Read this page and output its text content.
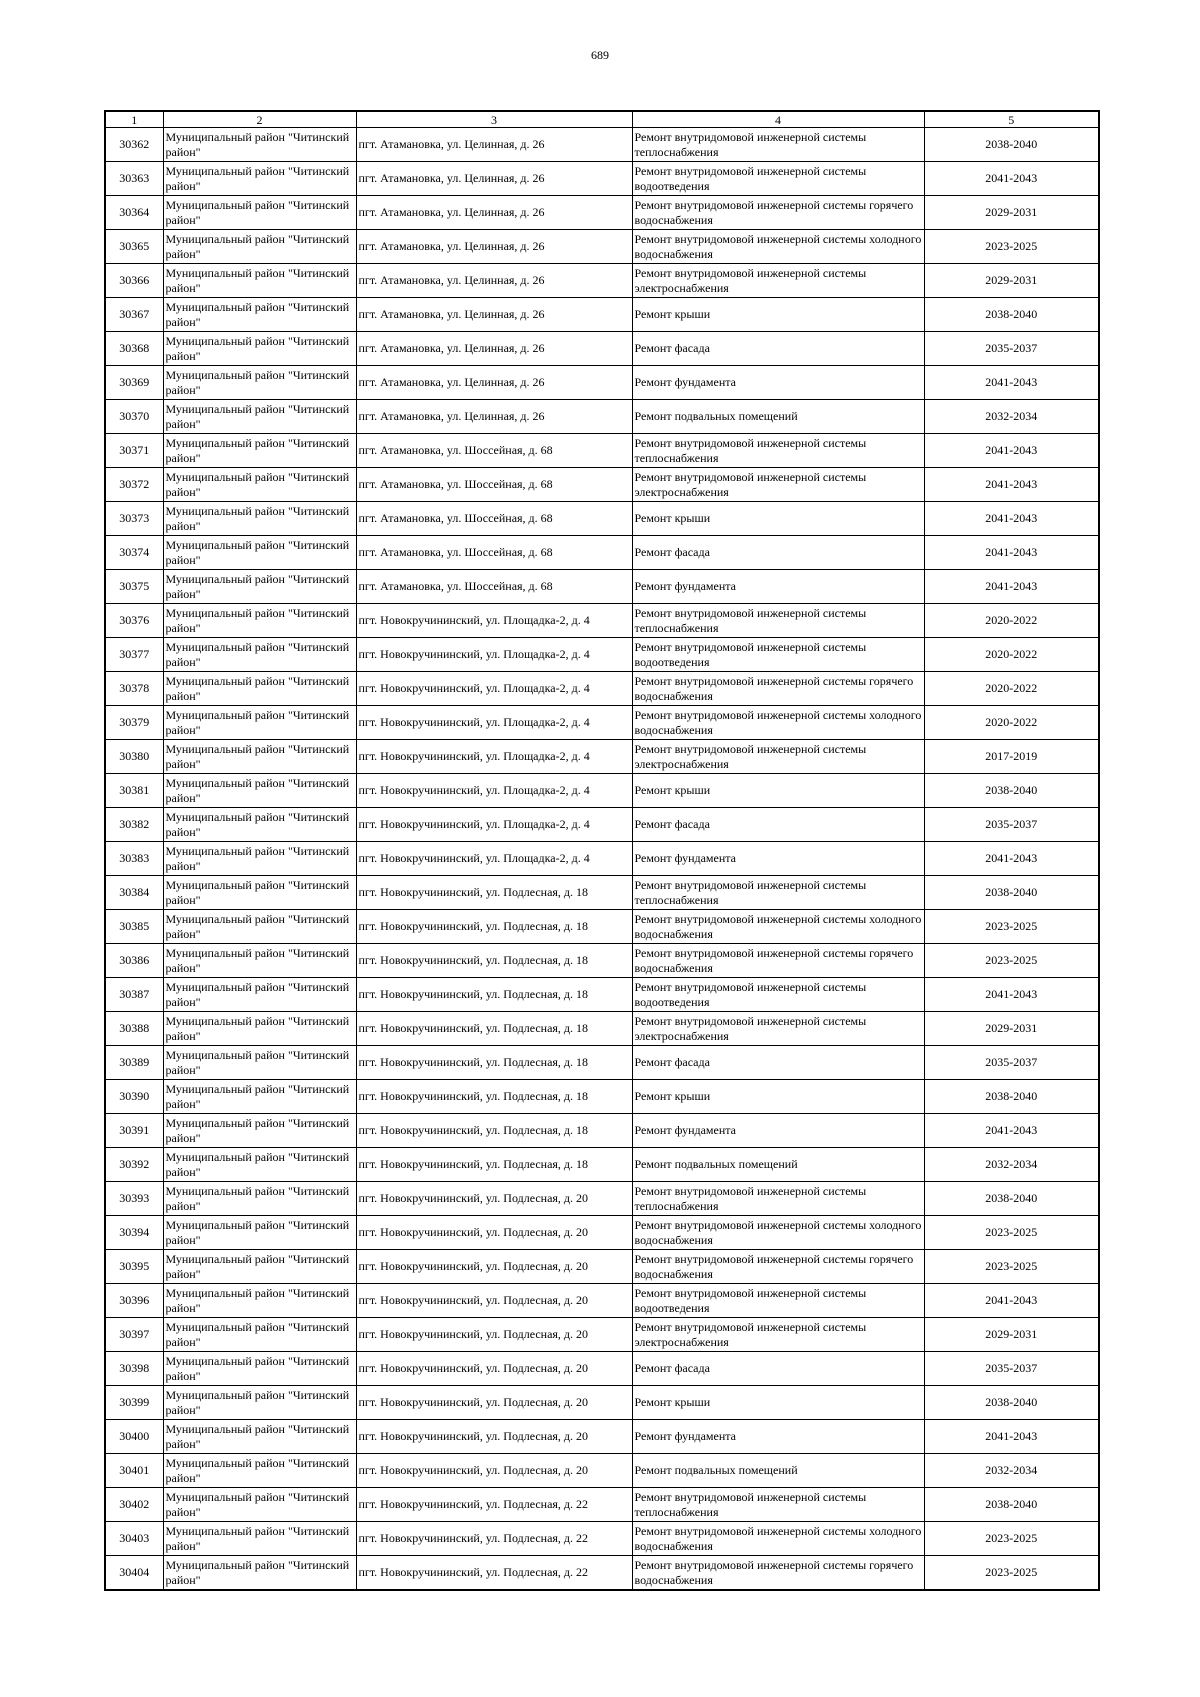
689
1	2	3	4	5
30362	Муниципальный район "Читинский район"	пгт. Атамановка, ул. Целинная, д. 26	Ремонт внутридомовой инженерной системы теплоснабжения	2038-2040
30363	Муниципальный район "Читинский район"	пгт. Атамановка, ул. Целинная, д. 26	Ремонт внутридомовой инженерной системы водоотведения	2041-2043
30364	Муниципальный район "Читинский район"	пгт. Атамановка, ул. Целинная, д. 26	Ремонт внутридомовой инженерной системы горячего водоснабжения	2029-2031
30365	Муниципальный район "Читинский район"	пгт. Атамановка, ул. Целинная, д. 26	Ремонт внутридомовой инженерной системы холодного водоснабжения	2023-2025
30366	Муниципальный район "Читинский район"	пгт. Атамановка, ул. Целинная, д. 26	Ремонт внутридомовой инженерной системы электроснабжения	2029-2031
30367	Муниципальный район "Читинский район"	пгт. Атамановка, ул. Целинная, д. 26	Ремонт крыши	2038-2040
30368	Муниципальный район "Читинский район"	пгт. Атамановка, ул. Целинная, д. 26	Ремонт фасада	2035-2037
30369	Муниципальный район "Читинский район"	пгт. Атамановка, ул. Целинная, д. 26	Ремонт фундамента	2041-2043
30370	Муниципальный район "Читинский район"	пгт. Атамановка, ул. Целинная, д. 26	Ремонт подвальных помещений	2032-2034
30371	Муниципальный район "Читинский район"	пгт. Атамановка, ул. Шоссейная, д. 68	Ремонт внутридомовой инженерной системы теплоснабжения	2041-2043
30372	Муниципальный район "Читинский район"	пгт. Атамановка, ул. Шоссейная, д. 68	Ремонт внутридомовой инженерной системы электроснабжения	2041-2043
30373	Муниципальный район "Читинский район"	пгт. Атамановка, ул. Шоссейная, д. 68	Ремонт крыши	2041-2043
30374	Муниципальный район "Читинский район"	пгт. Атамановка, ул. Шоссейная, д. 68	Ремонт фасада	2041-2043
30375	Муниципальный район "Читинский район"	пгт. Атамановка, ул. Шоссейная, д. 68	Ремонт фундамента	2041-2043
30376	Муниципальный район "Читинский район"	пгт. Новокручининский, ул. Площадка-2, д. 4	Ремонт внутридомовой инженерной системы теплоснабжения	2020-2022
30377	Муниципальный район "Читинский район"	пгт. Новокручининский, ул. Площадка-2, д. 4	Ремонт внутридомовой инженерной системы водоотведения	2020-2022
30378	Муниципальный район "Читинский район"	пгт. Новокручининский, ул. Площадка-2, д. 4	Ремонт внутридомовой инженерной системы горячего водоснабжения	2020-2022
30379	Муниципальный район "Читинский район"	пгт. Новокручининский, ул. Площадка-2, д. 4	Ремонт внутридомовой инженерной системы холодного водоснабжения	2020-2022
30380	Муниципальный район "Читинский район"	пгт. Новокручининский, ул. Площадка-2, д. 4	Ремонт внутридомовой инженерной системы электроснабжения	2017-2019
30381	Муниципальный район "Читинский район"	пгт. Новокручининский, ул. Площадка-2, д. 4	Ремонт крыши	2038-2040
30382	Муниципальный район "Читинский район"	пгт. Новокручининский, ул. Площадка-2, д. 4	Ремонт фасада	2035-2037
30383	Муниципальный район "Читинский район"	пгт. Новокручининский, ул. Площадка-2, д. 4	Ремонт фундамента	2041-2043
30384	Муниципальный район "Читинский район"	пгт. Новокручининский, ул. Подлесная, д. 18	Ремонт внутридомовой инженерной системы теплоснабжения	2038-2040
30385	Муниципальный район "Читинский район"	пгт. Новокручининский, ул. Подлесная, д. 18	Ремонт внутридомовой инженерной системы холодного водоснабжения	2023-2025
30386	Муниципальный район "Читинский район"	пгт. Новокручининский, ул. Подлесная, д. 18	Ремонт внутридомовой инженерной системы горячего водоснабжения	2023-2025
30387	Муниципальный район "Читинский район"	пгт. Новокручининский, ул. Подлесная, д. 18	Ремонт внутридомовой инженерной системы водоотведения	2041-2043
30388	Муниципальный район "Читинский район"	пгт. Новокручининский, ул. Подлесная, д. 18	Ремонт внутридомовой инженерной системы электроснабжения	2029-2031
30389	Муниципальный район "Читинский район"	пгт. Новокручининский, ул. Подлесная, д. 18	Ремонт фасада	2035-2037
30390	Муниципальный район "Читинский район"	пгт. Новокручининский, ул. Подлесная, д. 18	Ремонт крыши	2038-2040
30391	Муниципальный район "Читинский район"	пгт. Новокручининский, ул. Подлесная, д. 18	Ремонт фундамента	2041-2043
30392	Муниципальный район "Читинский район"	пгт. Новокручининский, ул. Подлесная, д. 18	Ремонт подвальных помещений	2032-2034
30393	Муниципальный район "Читинский район"	пгт. Новокручининский, ул. Подлесная, д. 20	Ремонт внутридомовой инженерной системы теплоснабжения	2038-2040
30394	Муниципальный район "Читинский район"	пгт. Новокручининский, ул. Подлесная, д. 20	Ремонт внутридомовой инженерной системы холодного водоснабжения	2023-2025
30395	Муниципальный район "Читинский район"	пгт. Новокручининский, ул. Подлесная, д. 20	Ремонт внутридомовой инженерной системы горячего водоснабжения	2023-2025
30396	Муниципальный район "Читинский район"	пгт. Новокручининский, ул. Подлесная, д. 20	Ремонт внутридомовой инженерной системы водоотведения	2041-2043
30397	Муниципальный район "Читинский район"	пгт. Новокручининский, ул. Подлесная, д. 20	Ремонт внутридомовой инженерной системы электроснабжения	2029-2031
30398	Муниципальный район "Читинский район"	пгт. Новокручининский, ул. Подлесная, д. 20	Ремонт фасада	2035-2037
30399	Муниципальный район "Читинский район"	пгт. Новокручининский, ул. Подлесная, д. 20	Ремонт крыши	2038-2040
30400	Муниципальный район "Читинский район"	пгт. Новокручининский, ул. Подлесная, д. 20	Ремонт фундамента	2041-2043
30401	Муниципальный район "Читинский район"	пгт. Новокручининский, ул. Подлесная, д. 20	Ремонт подвальных помещений	2032-2034
30402	Муниципальный район "Читинский район"	пгт. Новокручининский, ул. Подлесная, д. 22	Ремонт внутридомовой инженерной системы теплоснабжения	2038-2040
30403	Муниципальный район "Читинский район"	пгт. Новокручининский, ул. Подлесная, д. 22	Ремонт внутридомовой инженерной системы холодного водоснабжения	2023-2025
30404	Муниципальный район "Читинский район"	пгт. Новокручининский, ул. Подлесная, д. 22	Ремонт внутридомовой инженерной системы горячего водоснабжения	2023-2025
